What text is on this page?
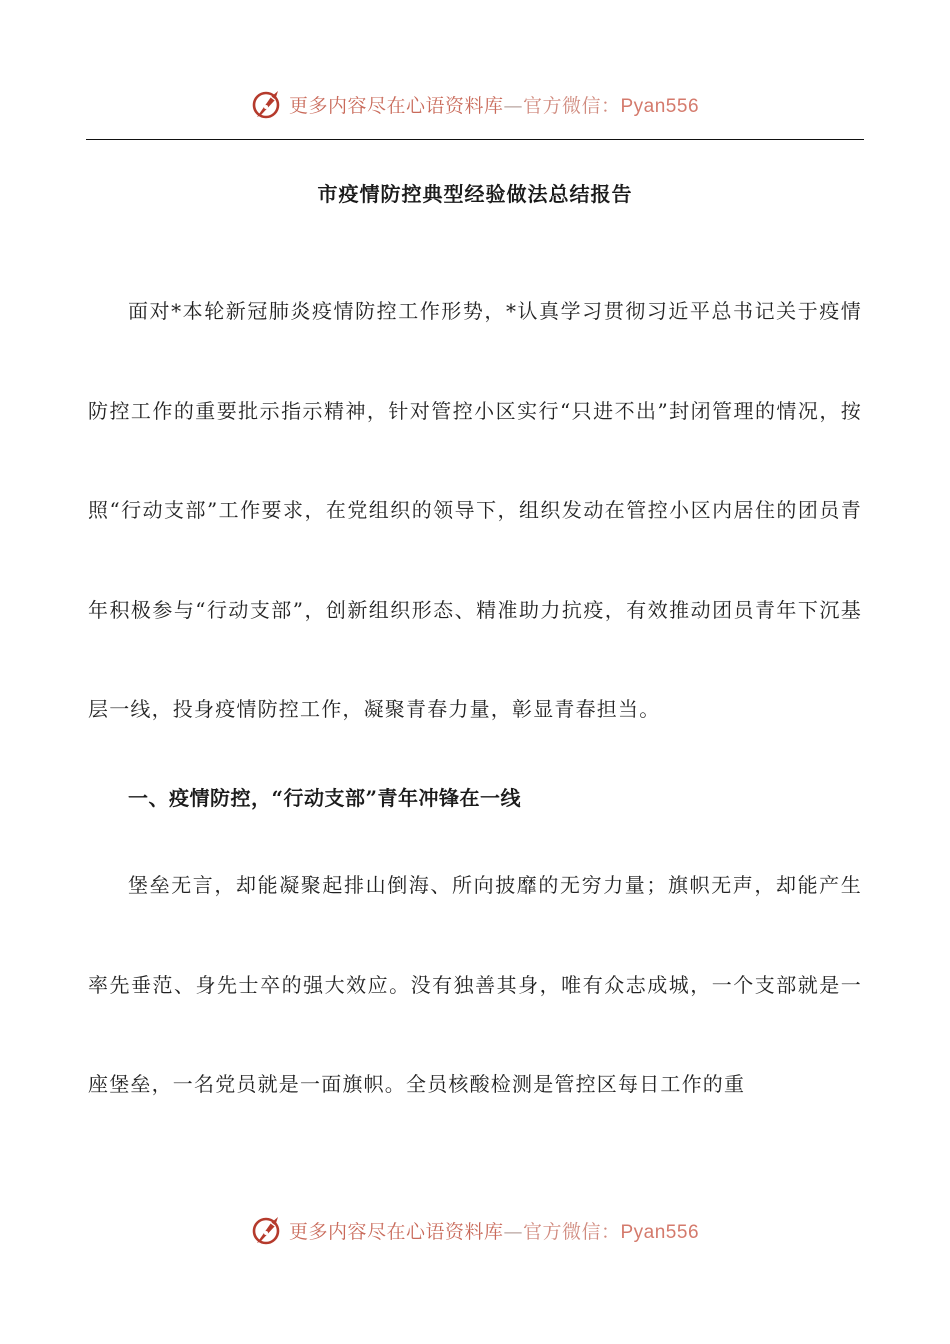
更多内容尽在心语资料库—官方微信：Pyan556
市疫情防控典型经验做法总结报告

面对*本轮新冠肺炎疫情防控工作形势，*认真学习贯彻习近平总书记关于疫情防控工作的重要批示指示精神，针对管控小区实行“只进不出”封闭管理的情况，按照“行动支部”工作要求，在党组织的领导下，组织发动在管控小区内居住的团员青年积极参与“行动支部”，创新组织形态、精准助力抗疫，有效推动团员青年下沉基层一线，投身疫情防控工作，凝聚青春力量，彰显青春担当。

一、疫情防控，“行动支部”青年冲锋在一线

堡垒无言，却能凝聚起排山倒海、所向披靡的无穷力量；旗帜无声，却能产生率先垂范、身先士卒的强大效应。没有独善其身，唯有众志成城，一个支部就是一座堡垒，一名党员就是一面旗帜。全员核酸检测是管控区每日工作的重

更多内容尽在心语资料库—官方微信：Pyan556
